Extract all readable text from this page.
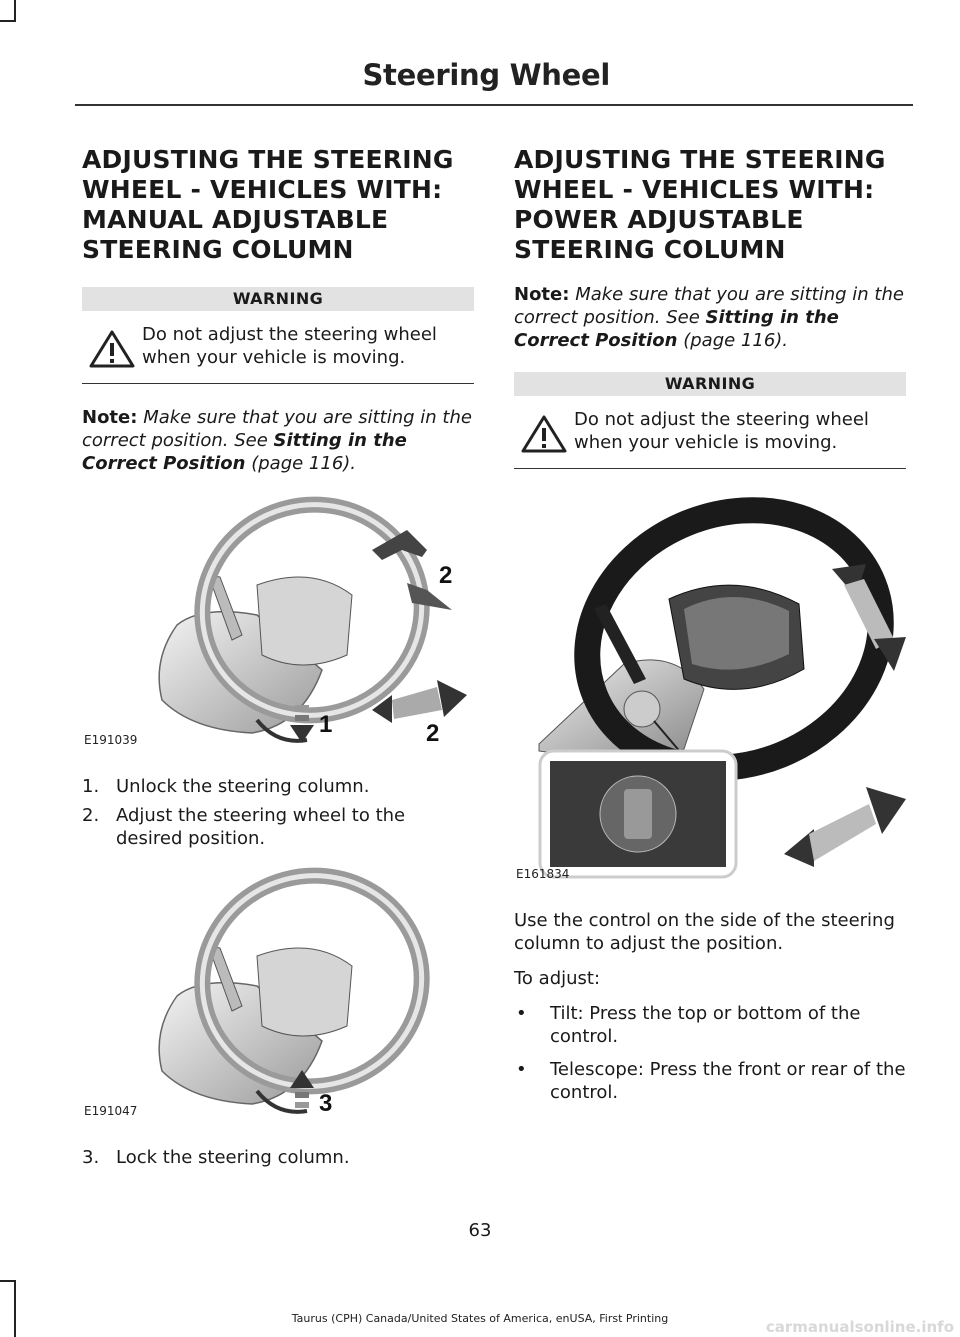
Steering Wheel
ADJUSTING THE STEERING
WHEEL - VEHICLES WITH:
MANUAL ADJUSTABLE
STEERING COLUMN
WARNING
Do not adjust the steering wheel when your vehicle is moving.

Note: Make sure that you are sitting in the correct position. See Sitting in the Correct Position (page 116).

2
1	2
E191039
1. Unlock the steering column.
2. Adjust the steering wheel to the desired position.
3
E191047
3. Lock the steering column.
ADJUSTING THE STEERING
WHEEL - VEHICLES WITH:
POWER ADJUSTABLE
STEERING COLUMN

Note: Make sure that you are sitting in the correct position. See Sitting in the Correct Position (page 116).

WARNING
Do not adjust the steering wheel when your vehicle is moving.
E161834

Use the control on the side of the steering column to adjust the position.

To adjust:

•	Tilt: Press the top or bottom of the control.
•	Telescope: Press the front or rear of the control.
63
Taurus (CPH) Canada/United States of America, enUSA, First Printing	carmanualsonline.info
